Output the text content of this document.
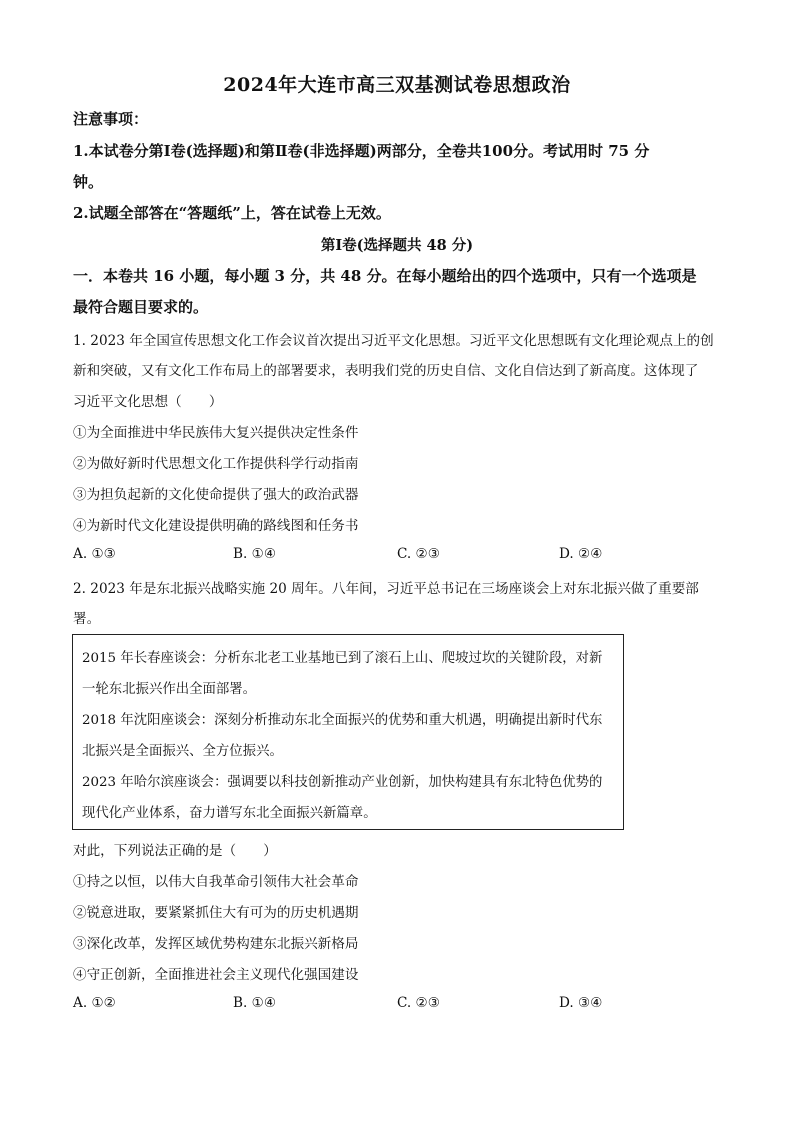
2024年大连市高三双基测试卷思想政治
注意事项：
1.本试卷分第Ⅰ卷(选择题)和第Ⅱ卷(非选择题)两部分，全卷共100分。考试用时 75 分
钟。
2.试题全部答在“答题纸”上，答在试卷上无效。
第Ⅰ卷(选择题共 48 分)
一．本卷共 16 小题，每小题 3 分，共 48 分。在每小题给出的四个选项中，只有一个选项是
最符合题目要求的。
1. 2023 年全国宣传思想文化工作会议首次提出习近平文化思想。习近平文化思想既有文化理论观点上的创
新和突破，又有文化工作布局上的部署要求，表明我们党的历史自信、文化自信达到了新高度。这体现了
习近平文化思想（　　）
①为全面推进中华民族伟大复兴提供决定性条件
②为做好新时代思想文化工作提供科学行动指南
③为担负起新的文化使命提供了强大的政治武器
④为新时代文化建设提供明确的路线图和任务书
A. ①③	B. ①④	C. ②③	D. ②④
2. 2023 年是东北振兴战略实施 20 周年。八年间，习近平总书记在三场座谈会上对东北振兴做了重要部
署。
2015 年长春座谈会：分析东北老工业基地已到了滚石上山、爬坡过坎的关键阶段，对新
一轮东北振兴作出全面部署。
2018 年沈阳座谈会：深刻分析推动东北全面振兴的优势和重大机遇，明确提出新时代东
北振兴是全面振兴、全方位振兴。
2023 年哈尔滨座谈会：强调要以科技创新推动产业创新，加快构建具有东北特色优势的
现代化产业体系，奋力谱写东北全面振兴新篇章。
对此，下列说法正确的是（　　）
①持之以恒，以伟大自我革命引领伟大社会革命
②锐意进取，要紧紧抓住大有可为的历史机遇期
③深化改革，发挥区域优势构建东北振兴新格局
④守正创新，全面推进社会主义现代化强国建设
A. ①②	B. ①④	C. ②③	D. ③④
